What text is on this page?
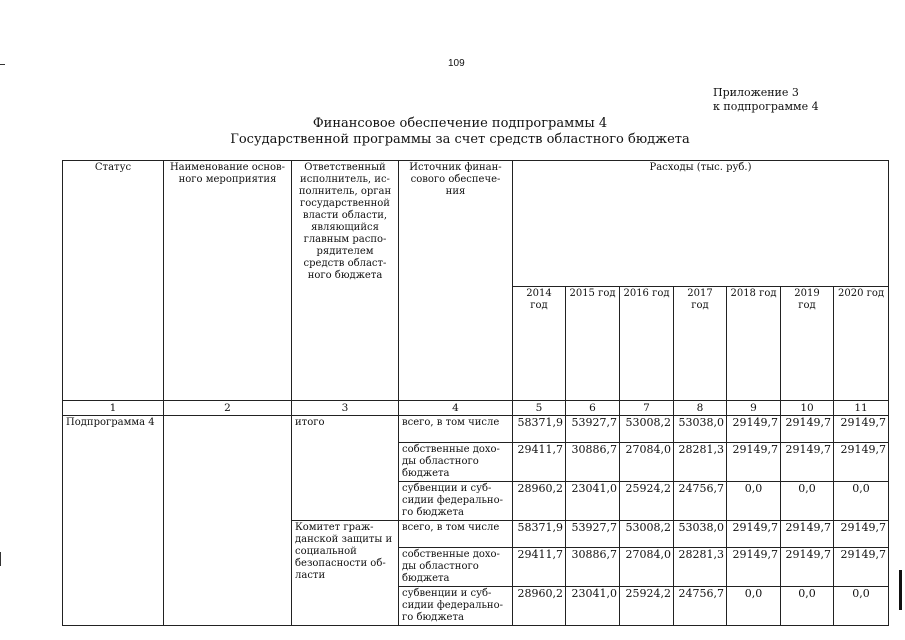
109
Приложение 3
к подпрограмме 4
Финансовое обеспечение подпрограммы 4
Государственной программы за счет средств областного бюджета
Статус	Наименование основ- ного мероприятия	Ответственный исполнитель, ис- полнитель, орган государственной власти области, являющийся главным распо- рядителем средств област- ного бюджета	Источник финан- сового обеспече- ния	Расходы (тыс. руб.)						
				2014 год	2015 год	2016 год	2017 год	2018 год	2019 год	2020 год
1	2	3	4	5	6	7	8	9	10	11
Подпрограмма 4		итого	всего, в том числе	58371,9	53927,7	53008,2	53038,0	29149,7	29149,7	29149,7
			собственные дохо- ды областного бюджета	29411,7	30886,7	27084,0	28281,3	29149,7	29149,7	29149,7
			субвенции и суб- сидии федерально- го бюджета	28960,2	23041,0	25924,2	24756,7	0,0	0,0	0,0
		Комитет граж- данской защиты и социальной безопасности об- ласти	всего, в том числе	58371,9	53927,7	53008,2	53038,0	29149,7	29149,7	29149,7
			собственные дохо- ды областного бюджета	29411,7	30886,7	27084,0	28281,3	29149,7	29149,7	29149,7
			субвенции и суб- сидии федерально- го бюджета	28960,2	23041,0	25924,2	24756,7	0,0	0,0	0,0
